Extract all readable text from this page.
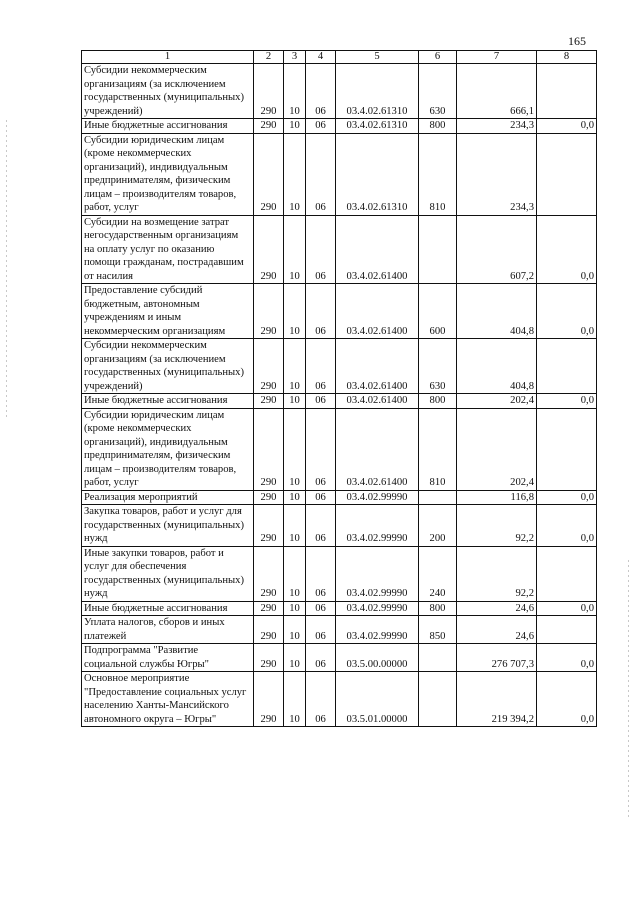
165
1	2	3	4	5	6	7	8
Субсидии некоммерческим организациям (за исключением государственных (муниципальных) учреждений)	290	10	06	03.4.02.61310	630	666,1	
Иные бюджетные ассигнования	290	10	06	03.4.02.61310	800	234,3	0,0
Субсидии юридическим лицам (кроме некоммерческих организаций), индивидуальным предпринимателям, физическим лицам – производителям товаров, работ, услуг	290	10	06	03.4.02.61310	810	234,3	
Субсидии на возмещение затрат негосударственным организациям на оплату услуг по оказанию помощи гражданам, пострадавшим от насилия	290	10	06	03.4.02.61400		607,2	0,0
Предоставление субсидий бюджетным, автономным учреждениям и иным некоммерческим организациям	290	10	06	03.4.02.61400	600	404,8	0,0
Субсидии некоммерческим организациям (за исключением государственных (муниципальных) учреждений)	290	10	06	03.4.02.61400	630	404,8	
Иные бюджетные ассигнования	290	10	06	03.4.02.61400	800	202,4	0,0
Субсидии юридическим лицам (кроме некоммерческих организаций), индивидуальным предпринимателям, физическим лицам – производителям товаров, работ, услуг	290	10	06	03.4.02.61400	810	202,4	
Реализация мероприятий	290	10	06	03.4.02.99990		116,8	0,0
Закупка товаров, работ и услуг для государственных (муниципальных) нужд	290	10	06	03.4.02.99990	200	92,2	0,0
Иные закупки товаров, работ и услуг для обеспечения государственных (муниципальных) нужд	290	10	06	03.4.02.99990	240	92,2	
Иные бюджетные ассигнования	290	10	06	03.4.02.99990	800	24,6	0,0
Уплата налогов, сборов и иных платежей	290	10	06	03.4.02.99990	850	24,6	
Подпрограмма "Развитие социальной службы Югры"	290	10	06	03.5.00.00000		276 707,3	0,0
Основное мероприятие "Предоставление социальных услуг населению Ханты-Мансийского автономного округа – Югры"	290	10	06	03.5.01.00000		219 394,2	0,0
